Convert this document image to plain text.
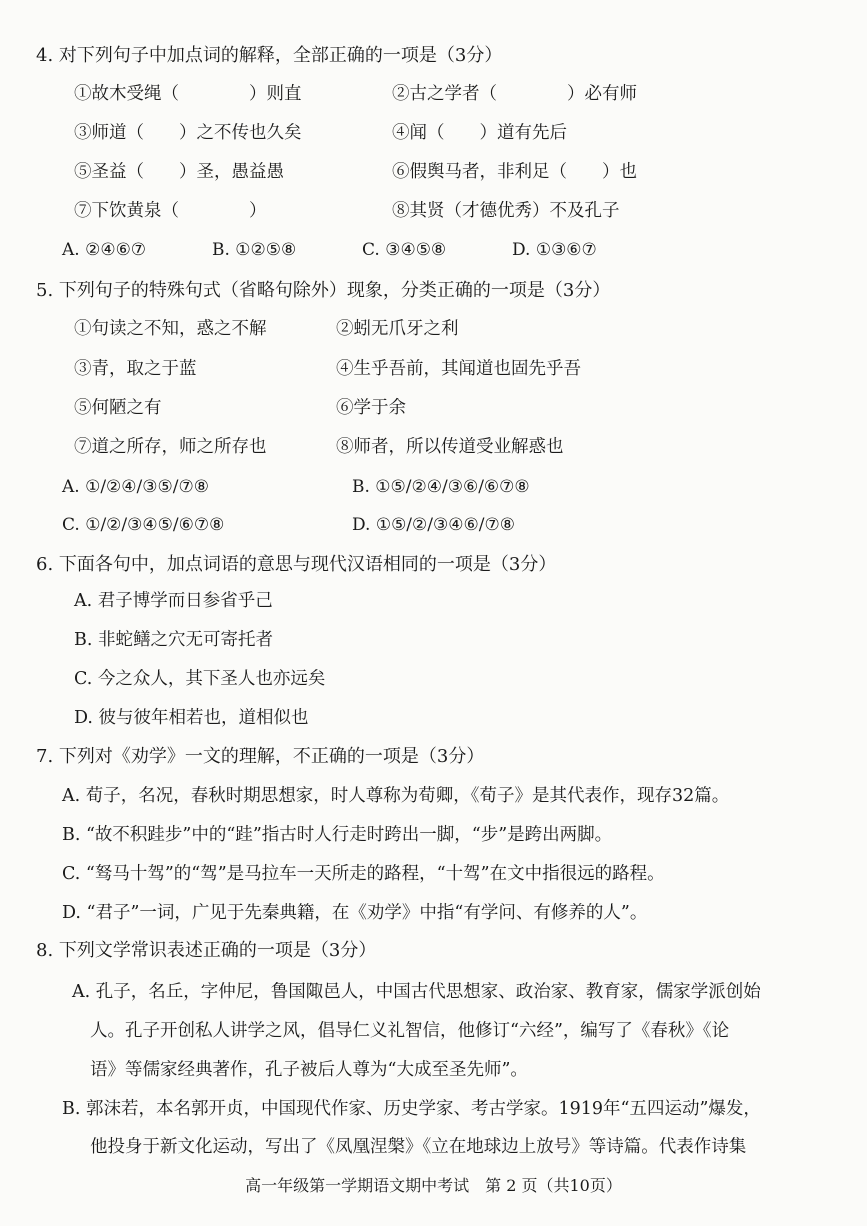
4. 对下列句子中加点词的解释，全部正确的一项是（3分）
①故木受绳（　　　　）则直	②古之学者（　　　　）必有师
③师道（　　）之不传也久矣	④闻（　　）道有先后
⑤圣益（　　）圣，愚益愚	⑥假舆马者，非利足（　　）也
⑦下饮黄泉（　　　　）	⑧其贤（才德优秀）不及孔子
A. ②④⑥⑦	B. ①②⑤⑧	C. ③④⑤⑧	D. ①③⑥⑦
5. 下列句子的特殊句式（省略句除外）现象，分类正确的一项是（3分）
①句读之不知，惑之不解	②蚓无爪牙之利
③青，取之于蓝	④生乎吾前，其闻道也固先乎吾
⑤何陋之有	⑥学于余
⑦道之所存，师之所存也	⑧师者，所以传道受业解惑也
A. ①/②④/③⑤/⑦⑧	B. ①⑤/②④/③⑥/⑥⑦⑧
C. ①/②/③④⑤/⑥⑦⑧	D. ①⑤/②/③④⑥/⑦⑧
6. 下面各句中，加点词语的意思与现代汉语相同的一项是（3分）
A. 君子博学而日参省乎己
B. 非蛇鳝之穴无可寄托者
C. 今之众人，其下圣人也亦远矣
D. 彼与彼年相若也，道相似也
7. 下列对《劝学》一文的理解，不正确的一项是（3分）
A. 荀子，名况，春秋时期思想家，时人尊称为荀卿，《荀子》是其代表作，现存32篇。
B. “故不积跬步”中的“跬”指古时人行走时跨出一脚，“步”是跨出两脚。
C. “驽马十驾”的“驾”是马拉车一天所走的路程，“十驾”在文中指很远的路程。
D. “君子”一词，广见于先秦典籍，在《劝学》中指“有学问、有修养的人”。
8. 下列文学常识表述正确的一项是（3分）
A. 孔子，名丘，字仲尼，鲁国陬邑人，中国古代思想家、政治家、教育家，儒家学派创始
人。孔子开创私人讲学之风，倡导仁义礼智信，他修订“六经”，编写了《春秋》《论
语》等儒家经典著作，孔子被后人尊为“大成至圣先师”。
B. 郭沫若，本名郭开贞，中国现代作家、历史学家、考古学家。1919年“五四运动”爆发，
他投身于新文化运动，写出了《凤凰涅槃》《立在地球边上放号》等诗篇。代表作诗集
高一年级第一学期语文期中考试　第 2 页（共10页）
